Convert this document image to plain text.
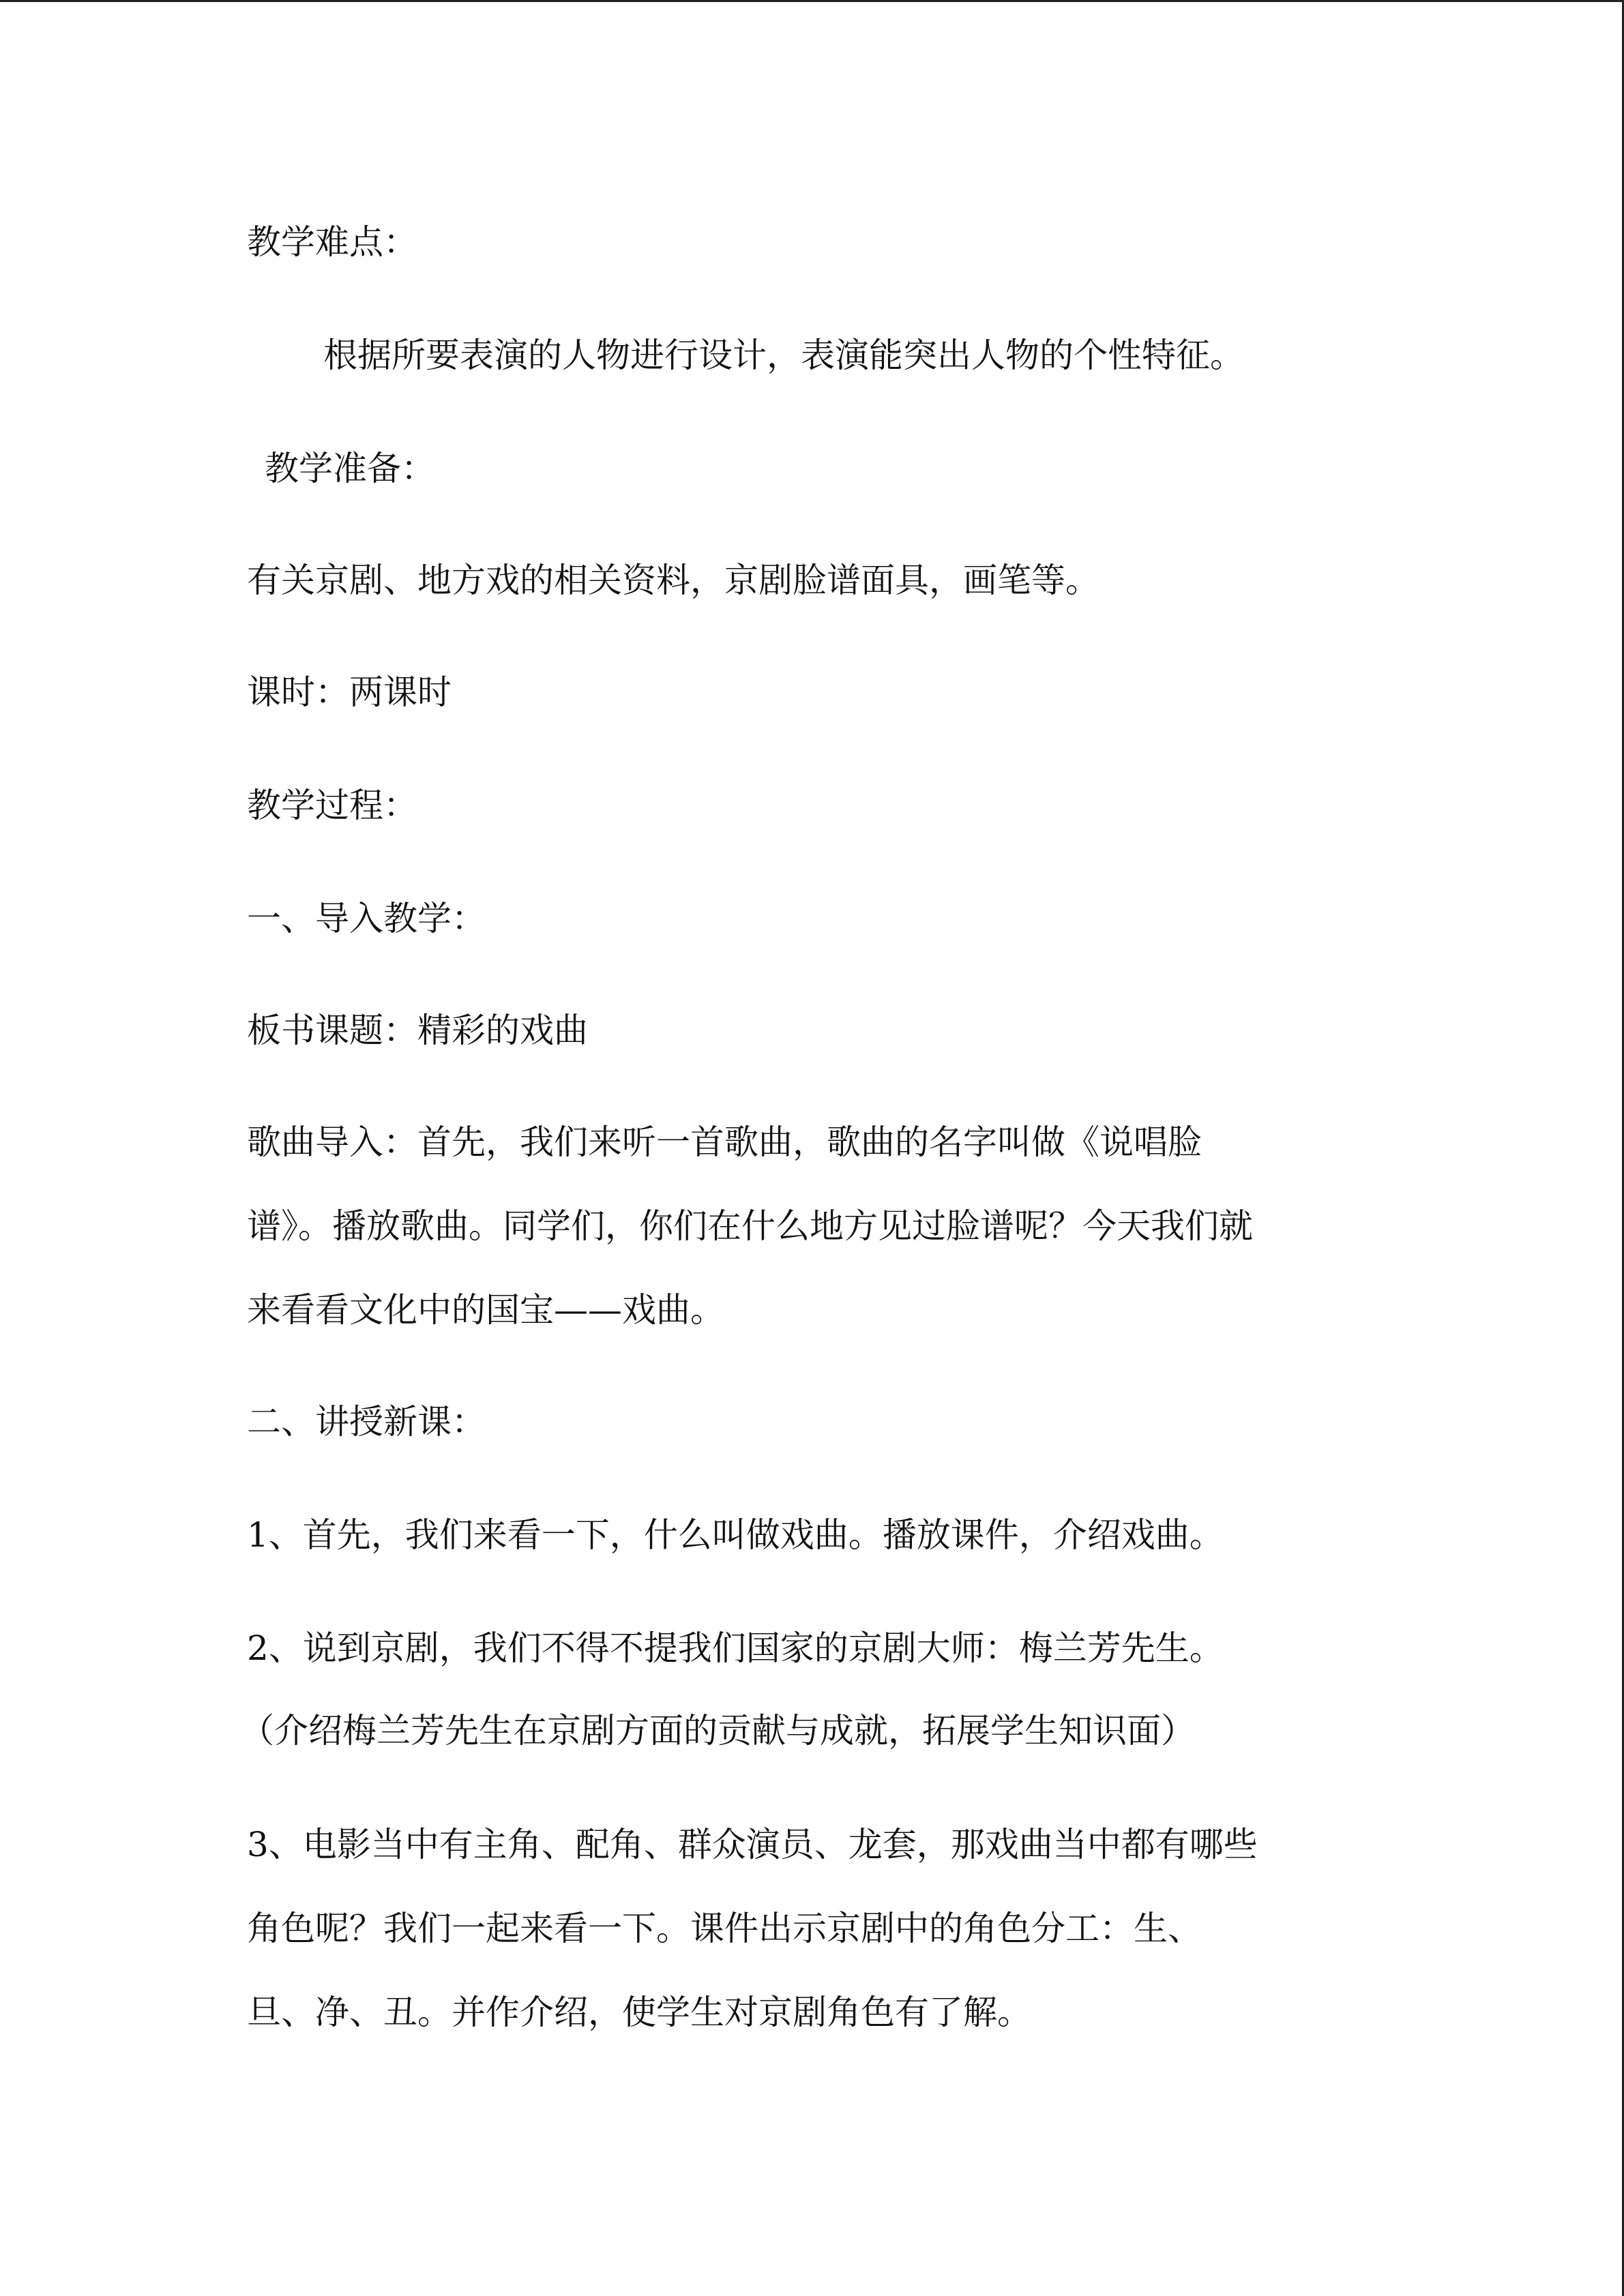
教学难点：
根据所要表演的人物进行设计，表演能突出人物的个性特征。
教学准备：
有关京剧、地方戏的相关资料，京剧脸谱面具，画笔等。
课时：两课时
教学过程：
一、导入教学：
板书课题：精彩的戏曲
歌曲导入：首先，我们来听一首歌曲，歌曲的名字叫做《说唱脸
谱》。播放歌曲。同学们，你们在什么地方见过脸谱呢？今天我们就
来看看文化中的国宝——戏曲。
二、讲授新课：
1、首先，我们来看一下，什么叫做戏曲。播放课件，介绍戏曲。
2、说到京剧，我们不得不提我们国家的京剧大师：梅兰芳先生。
（介绍梅兰芳先生在京剧方面的贡献与成就，拓展学生知识面）
3、电影当中有主角、配角、群众演员、龙套，那戏曲当中都有哪些
角色呢？我们一起来看一下。课件出示京剧中的角色分工：生、
旦、净、丑。并作介绍，使学生对京剧角色有了解。
